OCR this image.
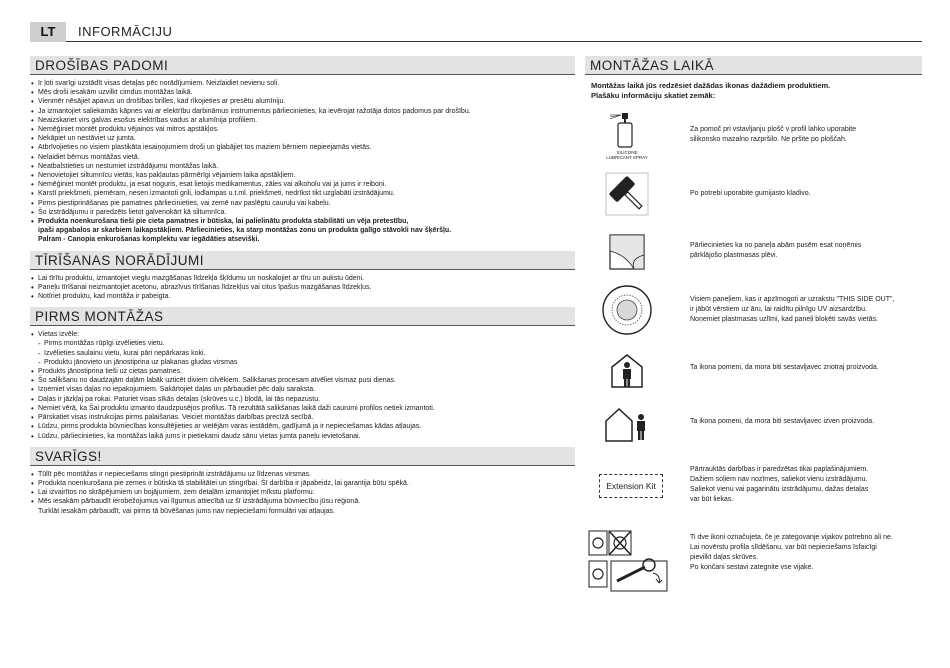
LT	INFORMĀCIJU
DROŠĪBAS PADOMI
• Ir ļoti svarīgi uzstādīt visas detaļas pēc norādījumiem. Neizlaidiet nevienu soli.
• Mēs droši iesakām uzvilkt cimdus montāžas laikā.
• Vienmēr nēsājiet apavus un drošības brilles, kad rīkojieties ar presētu alumīniju.
• Ja izmantojiet saliekamās kāpnes vai ar elektrību darbināmus instrumentus pārliecinieties, ka ievērojat ražotāja dotos padomus par drošību.
• Neaizskariet virs galvas esošus elektrības vadus ar alumīnija profiliem.
• Nemēģiniet montēt produktu vējainos vai mitros apstākļos.
• Nekāpiet un nestāviet uz jumta.
• Atbrīvojieties no visiem plastikāta iesaiņojumiem droši un glabājiet tos maziem bērniem nepieejamās vietās.
• Nelaidiet bērnus montāžas vietā.
• Neatbalstieties un nestumiet izstrādājumu montāžas laikā.
• Nenovietojiet siltumnīcu vietās, kas pakļautas pārmērīgi vējainiem laika apstākļiem.
• Nemēģiniet montēt produktu, ja esat noguris, esat lietojis medikamentus, zāles vai alkoholu vai ja jums ir reiboņi.
• Karstī priekšmeti, piemēram, nesen izmantoti grili, lodlampas u.t.ml. priekšmeti, nedrīkst tikt uzglabāti izstrādājumu.
• Pirms piestiprināšanas pie pamatnes pārliecinieties, vai zemē nav paslēptu cauruļu vai kabeļu.
• Šo izstrādājumu ir paredzēts lietot galvenokārt kā siltumnīca.
• Produkta noenkurošana tieši pie cieta pamatnes ir būtiska, lai palielinātu produkta stabilitāti un vēja pretestību,
ipaši apgabalos ar skarbiem laikapstākļiem. Pārliecinieties, ka starp montāžas zonu un produkta galīgo stāvokli nav šķēršļu.
Palram - Canopia enkurošanas komplektu var iegādāties atsevišķi.
TĪRĪŠANAS NORĀDĪJUMI
• Lai tīrītu produktu, izmantojiet vieglu mazgāšanas līdzekļa šķīdumu un noskalojiet ar tīru un aukstu ūdeni.
• Paneļu tīrīšanai neizmantojiet acetonu, abrazīvus tīrīšanas līdzekļus vai citus īpašus mazgāšanas līdzekļus.
• Notīriet produktu, kad montāža ir pabeigta.
PIRMS MONTĀŽAS
• Vietas izvēle:
- Pirms montāžas rūpīgi izvēlieties vietu.
- Izvēlieties saulainu vietu, kurai pāri nepārkaras koki.
- Produktu jānovieto un jānostiprina uz plakanas gludas virsmas
• Produkts jānostiprina tieši uz cietas pamatnes.
• Šo salikšanu no daudzajām daļām labāk uzticēt diviem cilvēkiem. Salikšanas procesam atvēliet vismaz pusi dienas.
• Izņemiet visas daļas no iepakojumiem. Sakārtojiet daļas un pārbaudiet pēc daļu saraksta.
• Daļas ir jāzkļaj pa rokai. Paturiet visas sīkās detaļas (skrūves u.c.) bļodā, lai tās nepazustu.
• Nemiet vērā, ka Šai produktu izmanto daudzpusējos profilus. Tā rezultātā salikšanas laikā daži caurumi profilos netiek izmantoti.
• Pārskatiet visas instrukcijas pirms palaišanas. Veiciet montāžas darbības precīzā secībā.
• Lūdzu, pirms produkta būvniecības konsultējieties ar vietējām varas iestādēm, gadījumā ja ir nepieciešamas kādas atļaujas.
• Lūdzu, pārliecinieties, ka montāžas laikā jums ir pietiekami daudz sānu vietas jumta paneļu ievietošanai.
SVARĪGS!
• Tūlīt pēc montāžas ir nepieciešams stingri piestiprināt izstrādājumu uz līdzenas virsmas.
• Produkta noenkurošana pie zemes ir būtiska tā stabilitātei un stingrībai. Šī darbība ir jāpabeidz, lai garantija būtu spēkā.
• Lai izvairītos no skrāpējumiem un bojājumiem, zem detaļām izmantojiet mīkstu platformu.
• Mēs iesakām pārbaudīt ierobežojumus vai līgumus attiecībā uz šī izstrādājuma būvniecību jūsu reģionā.
Turklāt iesakām pārbaudīt, vai pirms tā būvēšanas jums nav nepieciešami formulāri vai atļaujas.
MONTĀŽAS LAIKĀ
Montāžas laikā jūs redzēsiet dažādas ikonas dažādiem produktiem.
Plašāku informāciju skatiet zemāk:
SILICONE
LUBRICANT SPRAY
Za pomoč pri vstavljanju plošč v profil lahko uporabite
silikonsko mazalno razpršilo. Ne pršite po ploščah.
Po potrebi uporabite gumijasto kladivo.
Pārliecinieties ka no paneļa abām pusēm esat noņēmis
pārklājošo plastmasas plēvi.
Visiem paneļiem, kas ir apzīmogoti ar uzrakstu "THIS SIDE OUT",
ir jābūt vērstiem uz āru, lai raidītu pilnīgu UV aizsardzību.
Noņemiet plastmasas uzlīmi, kad paneļi bloķēti savās vietās.
Ta ikona pomeni, da mora biti sestavljavec znotraj proizvoda.
Ta ikona pomeni, da mora biti sestavljavec izven proizvoda.
Extension Kit
Pārtrauktās darbības ir paredzētas tikai paplašinājumiem.
Dažiem soļiem nav nozīmes, saliekot vienu izstrādājumu.
Saliekot vienu vai pagarinātu izstrādājumu, dažas detaļas
var būt liekas.
Ti dve ikoni označujeta, če je zategovanje vijakov potrebno ali ne.
Lai novērstu profila slīdēšanu, var būt nepieciešams īsfaicīgi
pievilkt daļas skrūves.
Po končani sestavi zategnite vse vijake.
